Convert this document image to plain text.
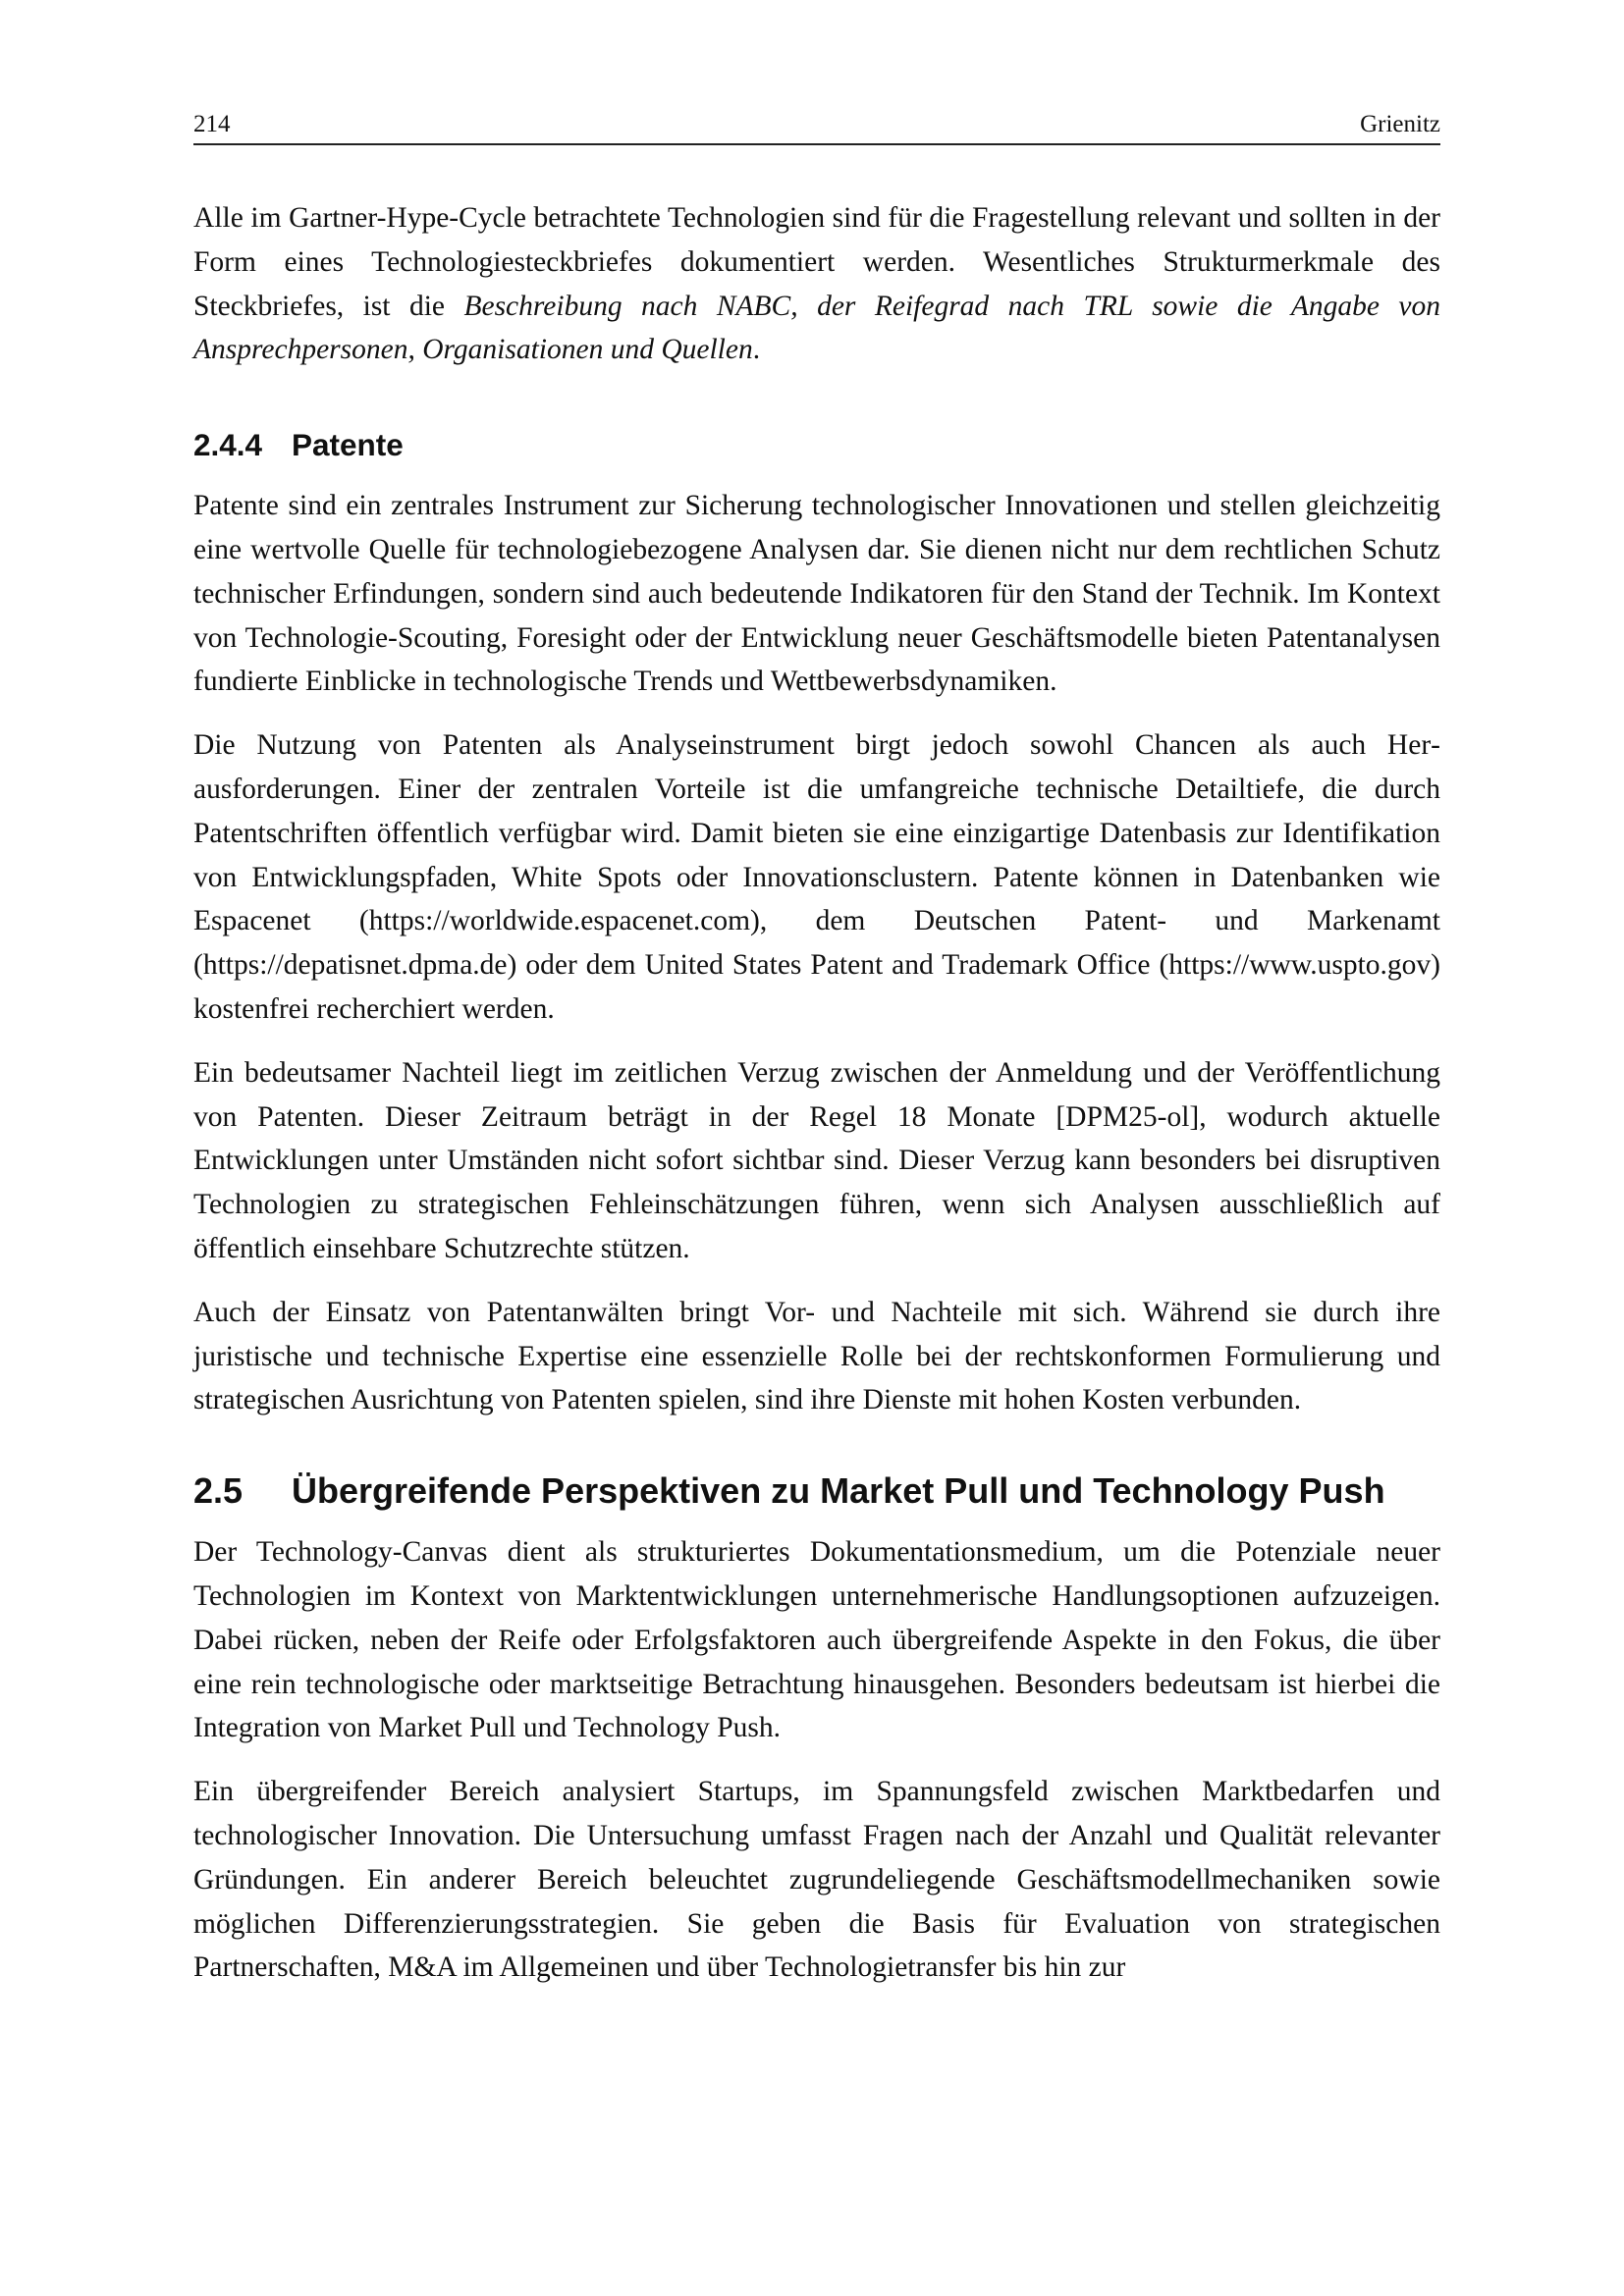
214	Grienitz

Alle im Gartner-Hype-Cycle betrachtete Technologien sind für die Fragestellung relevant und sollten in der Form eines Technologiesteckbriefes dokumentiert werden. Wesentliches Strukturmerkmale des Steckbriefes, ist die Beschreibung nach NABC, der Reifegrad nach TRL sowie die Angabe von Ansprechpersonen, Organisationen und Quellen.

2.4.4 Patente

Patente sind ein zentrales Instrument zur Sicherung technologischer Innovationen und stellen gleichzeitig eine wertvolle Quelle für technologiebezogene Analysen dar. Sie dienen nicht nur dem rechtlichen Schutz technischer Erfindungen, sondern sind auch bedeutende Indikatoren für den Stand der Technik. Im Kontext von Technologie-Scouting, Foresight oder der Entwicklung neuer Geschäftsmodelle bieten Patentanalysen fundierte Einblicke in technologische Trends und Wettbewerbsdynamiken.

Die Nutzung von Patenten als Analyseinstrument birgt jedoch sowohl Chancen als auch Herausforderungen. Einer der zentralen Vorteile ist die umfangreiche technische Detailtiefe, die durch Patentschriften öffentlich verfügbar wird. Damit bieten sie eine einzigartige Datenbasis zur Identifikation von Entwicklungspfaden, White Spots oder Innovationsclustern. Patente können in Datenbanken wie Espacenet (https://worldwide.espacenet.com), dem Deutschen Patent- und Markenamt (https://depatisnet.dpma.de) oder dem United States Patent and Trademark Office (https://www.uspto.gov) kostenfrei recherchiert werden.

Ein bedeutsamer Nachteil liegt im zeitlichen Verzug zwischen der Anmeldung und der Veröffentlichung von Patenten. Dieser Zeitraum beträgt in der Regel 18 Monate [DPM25-ol], wodurch aktuelle Entwicklungen unter Umständen nicht sofort sichtbar sind. Dieser Verzug kann besonders bei disruptiven Technologien zu strategischen Fehleinschätzungen führen, wenn sich Analysen ausschließlich auf öffentlich einsehbare Schutzrechte stützen.

Auch der Einsatz von Patentanwälten bringt Vor- und Nachteile mit sich. Während sie durch ihre juristische und technische Expertise eine essenzielle Rolle bei der rechtskonformen Formulierung und strategischen Ausrichtung von Patenten spielen, sind ihre Dienste mit hohen Kosten verbunden.

2.5 Übergreifende Perspektiven zu Market Pull und Technology Push

Der Technology-Canvas dient als strukturiertes Dokumentationsmedium, um die Potenziale neuer Technologien im Kontext von Marktentwicklungen unternehmerische Handlungsoptionen aufzuzeigen. Dabei rücken, neben der Reife oder Erfolgsfaktoren auch übergreifende Aspekte in den Fokus, die über eine rein technologische oder marktseitige Betrachtung hinausgehen. Besonders bedeutsam ist hierbei die Integration von Market Pull und Technology Push.

Ein übergreifender Bereich analysiert Startups, im Spannungsfeld zwischen Marktbedarfen und technologischer Innovation. Die Untersuchung umfasst Fragen nach der Anzahl und Qualität relevanter Gründungen. Ein anderer Bereich beleuchtet zugrundeliegende Geschäftsmodellmechaniken sowie möglichen Differenzierungsstrategien. Sie geben die Basis für Evaluation von strategischen Partnerschaften, M&A im Allgemeinen und über Technologietransfer bis hin zur
